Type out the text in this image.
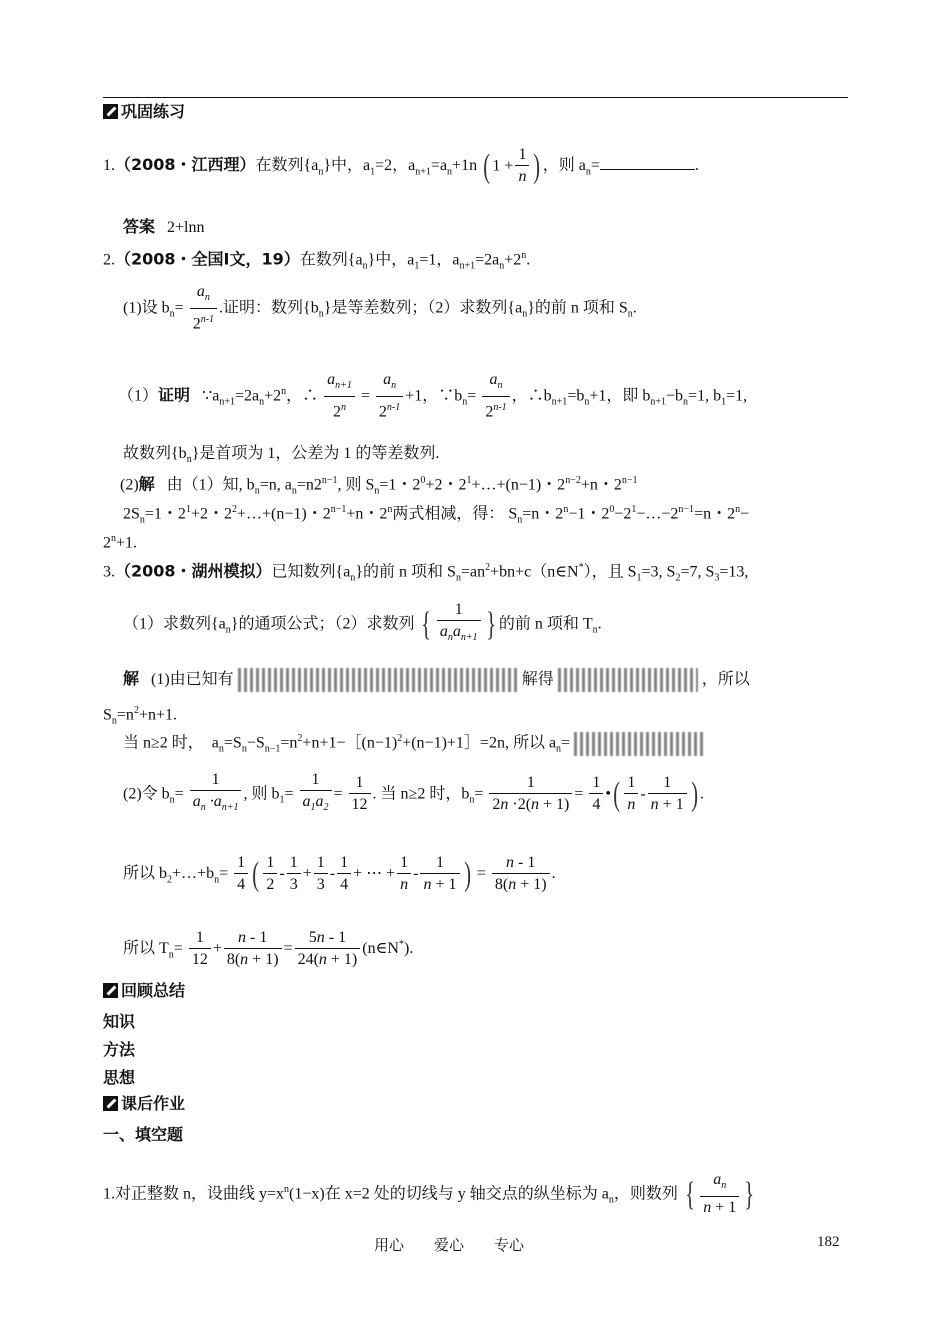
巩固练习
1.（2008・江西理）在数列$\{a_n\}$中，$a_1=2$，$a_{n+1}=a_n+1n$ ( $1 + \frac{1}{n}$ ) ，则 $a_n=$	.
答案 2+lnn
2.（2008・全国Ⅰ文，19）在数列$\{a_n\}$中，$a_1=1$，$a_{n+1}=2a_n+2^n$.
(1)设 $b_n= \frac{a_n}{2^{n-1}}$ .证明：数列$\{b_n\}$是等差数列；（2）求数列$\{a_n\}$的前 n 项和 $S_n$.
（1）证明 $\because a_{n+1}=2a_n+2^n$，∴ $\frac{a_{n+1}}{2^n} = \frac{a_n}{2^{n-1}} +1$，$\because b_n= \frac{a_n}{2^{n-1}}$ ，$\therefore b_{n+1}=b_n+1$，即 $b_{n+1}-b_n=1$, $b_1=1$,
故数列$\{b_n\}$是首项为 1，公差为 1 的等差数列.
(2)解 由（1）知, $b_n=n$, $a_n=n2^{n-1}$, 则 $S_n=1$・$2^0+2$・$2^1+\dots+(n-1)$・$2^{n-2}+n$・$2^{n-1}$
$2S_n=1$・$2^1+2$・$2^2+\dots+(n-1)$・$2^{n-1}+n$・2$^n$两式相减，得： $S_n=n$・$2^n-1$・$2^0-2^1-\dots-2^{n-1}=n$・$2^n-$
$2^n+1$.
3.（2008・湖州模拟）已知数列$\{a_n\}$的前 n 项和 $S_n=an^2+bn+c(n\in N^*)$，且 $S_1=3$, $S_2=7$, $S_3=13$,
（1）求数列$\{a_n\}$的通项公式；（2）求数列 { $\frac{1}{a_na_{n+1}}$ } 的前 n 项和 $T_n$.
解 (1)由已知有	解得	，所以
$S_n=n^2+n+1$.
当 n≥2 时， $a_n=S_n-S_{n-1}=n^2+n+1-[(n-1)^2+(n-1)+1]=2n$, 所以 $a_n=$
(2)令 $b_n= \frac{1}{a_n \cdot a_{n+1}}$ , 则 $b_1= \frac{1}{a_1a_2} = \frac{1}{12}$ . 当 n≥2 时，$b_n= \frac{1}{2n \cdot 2(n + 1)} = \frac{1}{4}$ •( $\frac{1}{n} - \frac{1}{n + 1}$ ) .
所以 $b_2+\dots+b_n= \frac{1}{4}$ ( $\frac{1}{2} - \frac{1}{3} + \frac{1}{3} - \frac{1}{4}$ + ⋯ + $\frac{1}{n} - \frac{1}{n + 1}$ ) = $\frac{n - 1}{8(n + 1)}$ .
所以 $T_n= \frac{1}{12} + \frac{n - 1}{8(n + 1)} = \frac{5n - 1}{24(n + 1)}$ (n∈N*).
回顾总结
知识
方法
思想
课后作业
一、填空题
1.对正整数 n，设曲线 $y=x^n(1-x)$在 x=2 处的切线与 y 轴交点的纵坐标为 $a_n$，则数列 { $\frac{a_n}{n + 1}$ }
用心　　爱心　　专心	182
